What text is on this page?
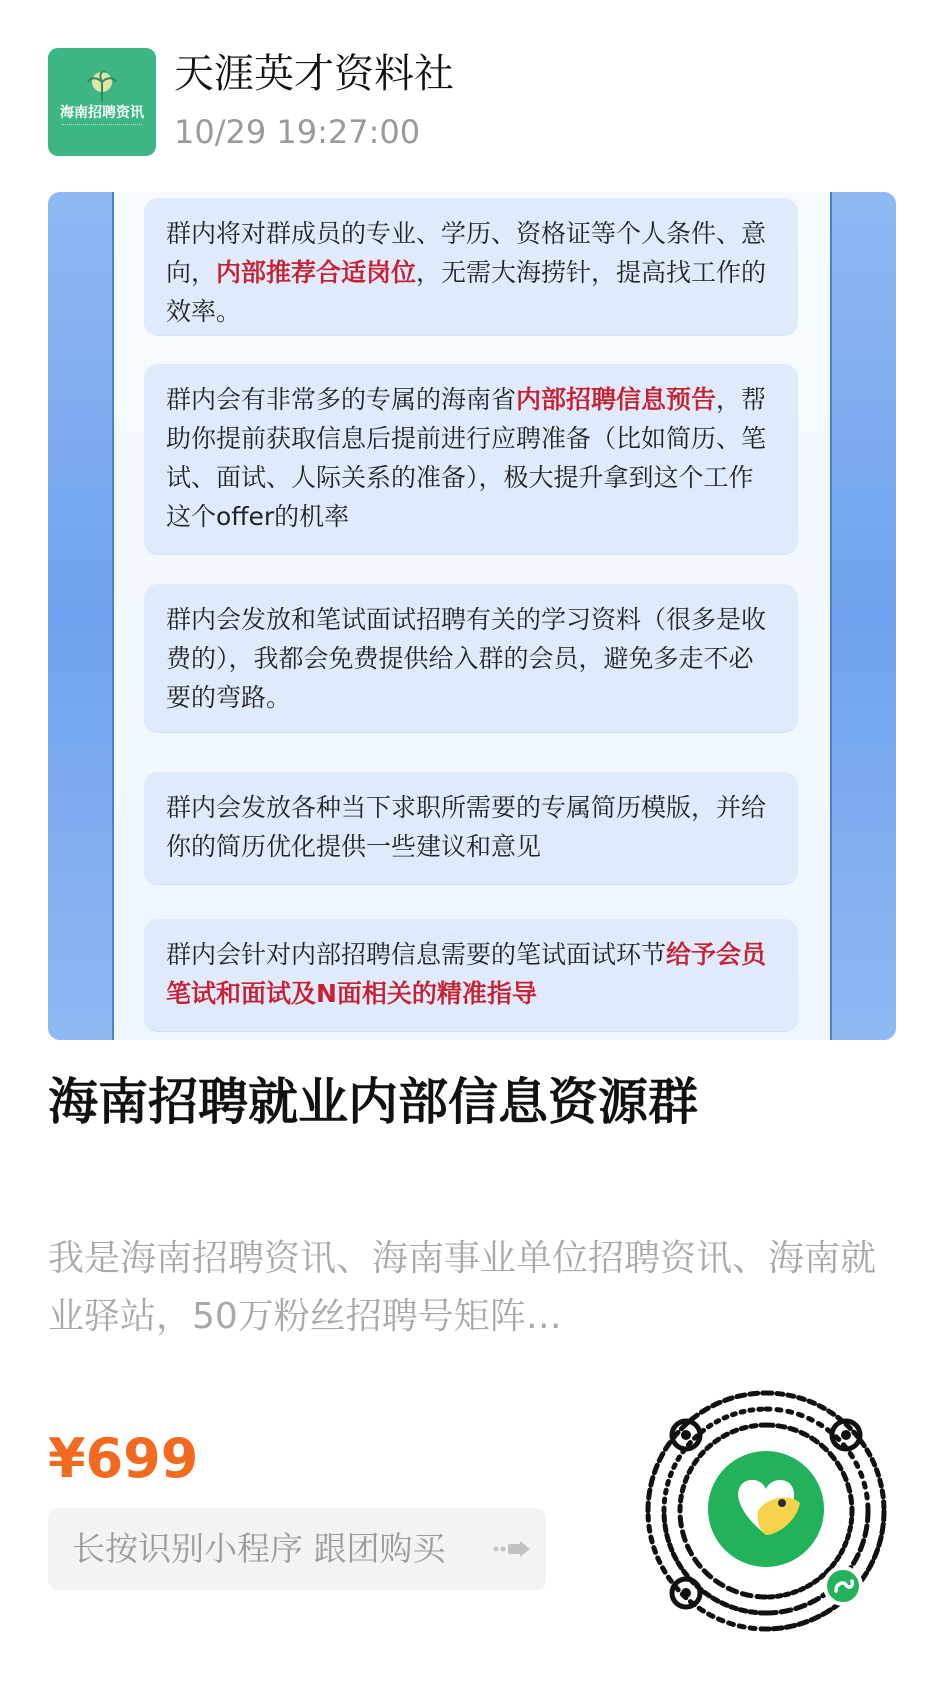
海南招聘资讯
天涯英才资料社
10/29 19:27:00

群内将对群成员的专业、学历、资格证等个人条件、意向，内部推荐合适岗位，无需大海捞针，提高找工作的效率。

群内会有非常多的专属的海南省内部招聘信息预告，帮助你提前获取信息后提前进行应聘准备（比如简历、笔试、面试、人际关系的准备），极大提升拿到这个工作这个offer的机率

群内会发放和笔试面试招聘有关的学习资料（很多是收费的），我都会免费提供给入群的会员，避免多走不必要的弯路。

群内会发放各种当下求职所需要的专属简历模版，并给你的简历优化提供一些建议和意见

群内会针对内部招聘信息需要的笔试面试环节给予会员笔试和面试及N面相关的精准指导

海南招聘就业内部信息资源群
我是海南招聘资讯、海南事业单位招聘资讯、海南就业驿站，50万粉丝招聘号矩阵…
¥699
长按识别小程序 跟团购买
